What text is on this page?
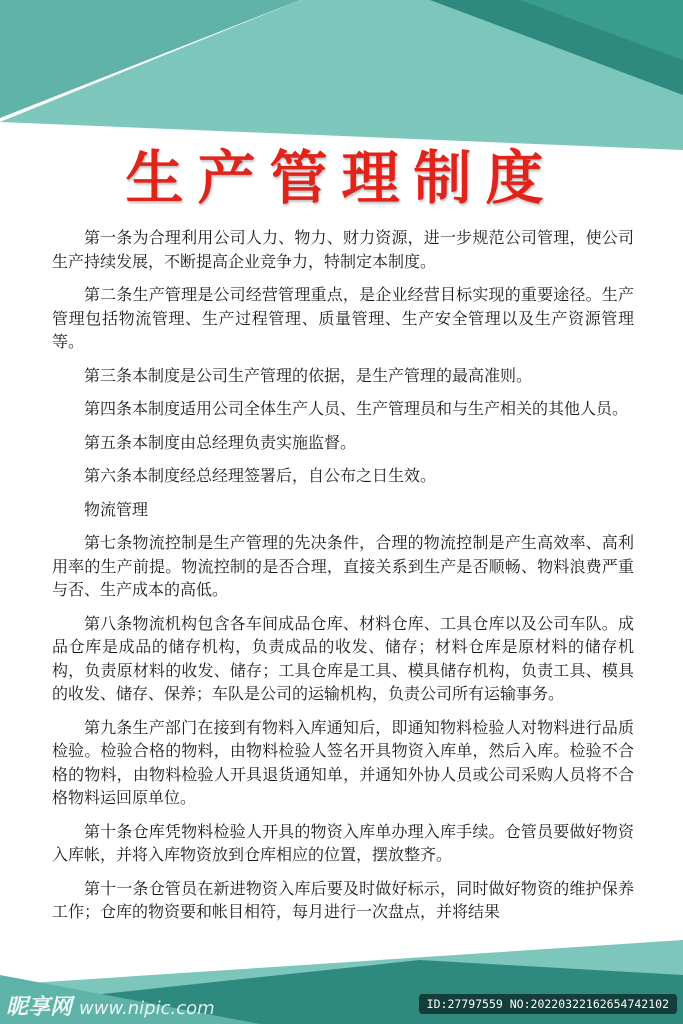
生产管理制度

第一条为合理利用公司人力、物力、财力资源，进一步规范公司管理，使公司生产持续发展，不断提高企业竞争力，特制定本制度。

第二条生产管理是公司经营管理重点，是企业经营目标实现的重要途径。生产管理包括物流管理、生产过程管理、质量管理、生产安全管理以及生产资源管理等。

第三条本制度是公司生产管理的依据，是生产管理的最高准则。

第四条本制度适用公司全体生产人员、生产管理员和与生产相关的其他人员。

第五条本制度由总经理负责实施监督。

第六条本制度经总经理签署后，自公布之日生效。

物流管理

第七条物流控制是生产管理的先决条件，合理的物流控制是产生高效率、高利用率的生产前提。物流控制的是否合理，直接关系到生产是否顺畅、物料浪费严重与否、生产成本的高低。

第八条物流机构包含各车间成品仓库、材料仓库、工具仓库以及公司车队。成品仓库是成品的储存机构，负责成品的收发、储存；材料仓库是原材料的储存机构，负责原材料的收发、储存；工具仓库是工具、模具储存机构，负责工具、模具的收发、储存、保养；车队是公司的运输机构，负责公司所有运输事务。

第九条生产部门在接到有物料入库通知后，即通知物料检验人对物料进行品质检验。检验合格的物料，由物料检验人签名开具物资入库单，然后入库。检验不合格的物料，由物料检验人开具退货通知单，并通知外协人员或公司采购人员将不合格物料运回原单位。

第十条仓库凭物料检验人开具的物资入库单办理入库手续。仓管员要做好物资入库帐，并将入库物资放到仓库相应的位置，摆放整齐。

第十一条仓管员在新进物资入库后要及时做好标示，同时做好物资的维护保养工作；仓库的物资要和帐目相符，每月进行一次盘点，并将结果

昵享网 www.nipic.com	ID:27797559 NO:20220322162654742102
